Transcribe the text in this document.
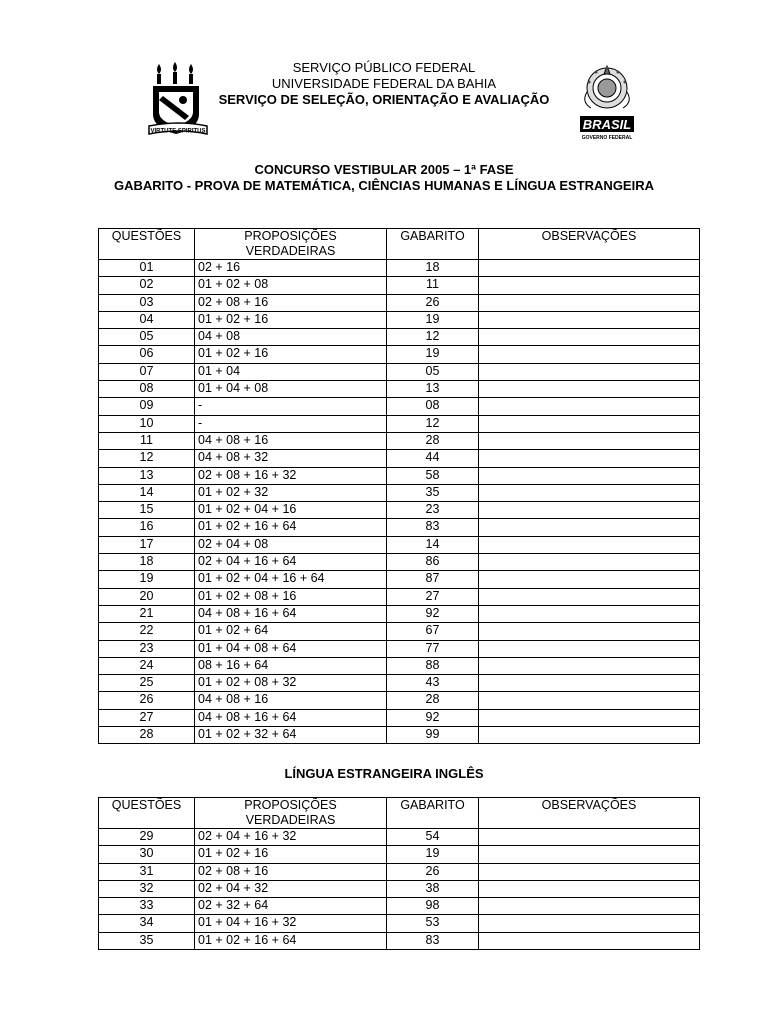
VIRTUTE SPIRITUS	BRASIL
GOVERNO FEDERAL
SERVIÇO PÚBLICO FEDERAL
UNIVERSIDADE FEDERAL DA BAHIA
SERVIÇO DE SELEÇÃO, ORIENTAÇÃO E AVALIAÇÃO
CONCURSO VESTIBULAR 2005 – 1ª FASE
GABARITO - PROVA DE MATEMÁTICA, CIÊNCIAS HUMANAS E LÍNGUA ESTRANGEIRA
QUESTÕES	PROPOSIÇÕES VERDADEIRAS	GABARITO	OBSERVAÇÕES
01	02 + 16	18	
02	01 + 02 + 08	11	
03	02 + 08 + 16	26	
04	01 + 02 + 16	19	
05	04 + 08	12	
06	01 + 02 + 16	19	
07	01 + 04	05	
08	01 + 04 + 08	13	
09	-	08	
10	-	12	
11	04 + 08 + 16	28	
12	04 + 08 + 32	44	
13	02 + 08 + 16 + 32	58	
14	01 + 02 + 32	35	
15	01 + 02 + 04 + 16	23	
16	01 + 02 + 16 + 64	83	
17	02 + 04 + 08	14	
18	02 + 04 + 16 + 64	86	
19	01 + 02 + 04 + 16 + 64	87	
20	01 + 02 + 08 + 16	27	
21	04 + 08 + 16 + 64	92	
22	01 + 02 + 64	67	
23	01 + 04 + 08 + 64	77	
24	08 + 16 + 64	88	
25	01 + 02 + 08 + 32	43	
26	04 + 08 + 16	28	
27	04 + 08 + 16 + 64	92	
28	01 + 02 + 32 + 64	99	
LÍNGUA ESTRANGEIRA INGLÊS
QUESTÕES	PROPOSIÇÕES VERDADEIRAS	GABARITO	OBSERVAÇÕES
29	02 + 04 + 16 + 32	54	
30	01 + 02 + 16	19	
31	02 + 08 + 16	26	
32	02 + 04 + 32	38	
33	02 + 32 + 64	98	
34	01 + 04 + 16 + 32	53	
35	01 + 02 + 16 + 64	83	
